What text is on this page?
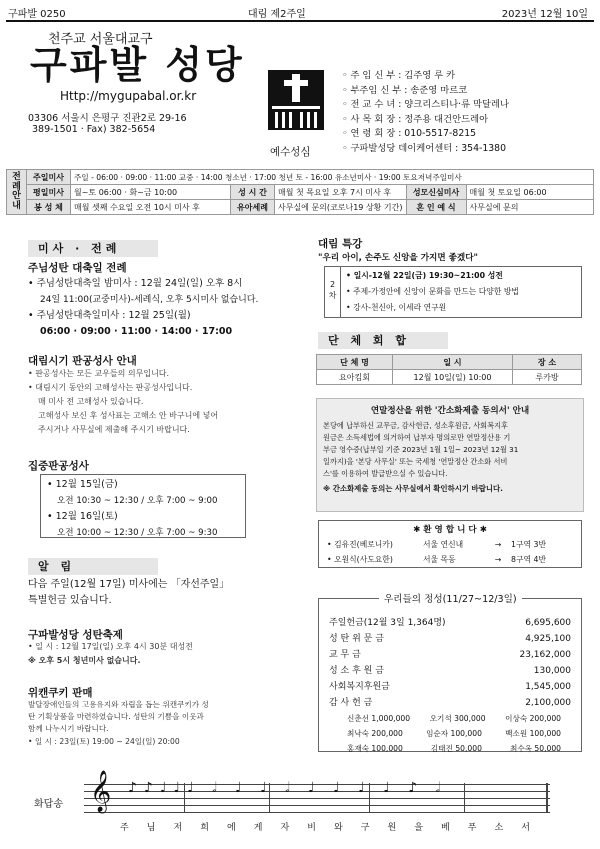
구파발 0250	대림 제2주일	2023년 12월 10일
천주교 서울대교구
구파발 성당
Http://mygupabal.or.kr
03306 서울시 은평구 진관2로 29-16
389-1501 · Fax) 382-5654
예수성심
◦ 주 임 신 부 : 김주영 루 카
◦ 부주임 신 부 : 송준영 마르코
◦ 전 교 수 녀 : 양크리스티나·류 막달레나
◦ 사 목 회 장 : 정주용 대건안드레아
◦ 연 령 회 장 : 010-5517-8215
◦ 구파발성당 데이케어센터 : 354-1380
전
례
안
내	주일미사	주일 - 06:00 · 09:00 · 11:00 교중 · 14:00 청소년 · 17:00 청년 토 - 16:00 유소년미사 · 19:00 토요저녁주일미사				
	평일미사	월~토 06:00 · 화~금 10:00	성 시 간	매월 첫 목요일 오후 7시 미사 후	성모신심미사	매월 첫 토요일 06:00
	봉 성 체	매월 셋째 수요일 오전 10시 미사 후	유아세례	사무실에 문의(코로나19 상황 기간)	혼 인 예 식	사무실에 문의
미사 · 전례
주님성탄 대축일 전례
• 주님성탄대축일 밤미사 : 12월 24일(일) 오후 8시
24일 11:00(교중미사)-세례식, 오후 5시미사 없습니다.
• 주님성탄대축일미사 : 12월 25일(월)
06:00 · 09:00 · 11:00 · 14:00 · 17:00
대림시기 판공성사 안내
• 판공성사는 모든 교우들의 의무입니다.
• 대림시기 동안의 고해성사는 판공성사입니다.
매 미사 전 고해성사 있습니다.
고해성사 보신 후 성사표는 고해소 안 바구니에 넣어
주시거나 사무실에 제출해 주시기 바랍니다.
집중판공성사
• 12월 15일(금)
오전 10:30 ~ 12:30 / 오후 7:00 ~ 9:00
• 12월 16일(토)
오전 10:00 ~ 12:30 / 오후 7:00 ~ 9:30
알 림
다음 주일(12월 17일) 미사에는 「자선주일」
특별헌금 있습니다.
구파발성당 성탄축제
• 일 시 : 12월 17일(일) 오후 4시 30분 대성전
※ 오후 5시 청년미사 없습니다.
위캔쿠키 판매
발달장애인들의 고용유지와 자립을 돕는 위캔쿠키가 성
탄 기획상품을 마련하였습니다. 성탄의 기쁨을 이웃과
함께 나누시기 바랍니다.
• 일 시 : 23일(토) 19:00 ~ 24일(일) 20:00
대림 특강
"우리 아이, 손주도 신앙을 가지면 좋겠다"
2
차
• 일시-12월 22일(금) 19:30~21:00 성전
• 주제-가정안에 신앙이 문화를 만드는 다양한 방법
• 강사-천신아, 이세라 연구원
단 체 회 합
단 체 명	일 시	장 소
요아킴회	12월 10일(일) 10:00	루카방
연말정산을 위한 '간소화제출 동의서' 안내
본당에 납부하신 교무금, 감사헌금, 성소후원금, 사회복지후
원금은 소득세법에 의거하여 납부자 명의로만 연말정산용 기
부금 영수증(납부일 기준 2023년 1월 1일~ 2023년 12월 31
일까지)을 '본당 사무실' 또는 국세청 '연말정산 간소화 서비
스'를 이용하여 발급받으실 수 있습니다.
※ 간소화제출 동의는 사무실에서 확인하시기 바랍니다.
✱ 환 영 합 니 다 ✱
• 김유진(베로니카)	서울 연신내	→	1구역 3반
• 오원식(사도요한)	서울 목동	→	8구역 4반
우리들의 정성(11/27~12/3일)
주일헌금(12월 3일 1,364명)	6,695,600
성 탄 위 문 금	4,925,100
교 무 금	23,162,000
성 소 후 원 금	130,000
사회복지후원금	1,545,000
감 사 헌 금	2,100,000
신춘선 1,000,000	오기석 300,000	이상숙 200,000
최낙숙 200,000	임순자 100,000	백소원 100,000
홍재숙 100,000	김태진 50,000	최수옥 50,000
화답송 𝄞	♪♪♩♩♩ 𝅗𝅥 ♩ ♩ 𝅗𝅥 ♩ ♩ ♩ ♩ ♪ 𝅗𝅥
주 님 저 희 에 게 자 비 와 구 원 을 베 푸 소 서
